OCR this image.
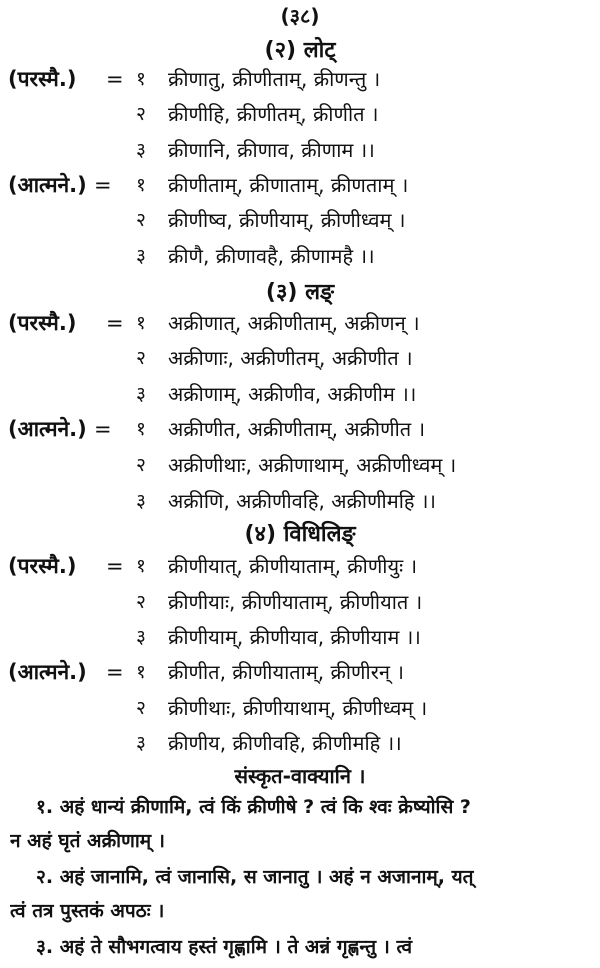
(३८)
(२) लोट्
(परस्मै.) = १ क्रीणातु, क्रीणीताम्, क्रीणन्तु ।
२ क्रीणीहि, क्रीणीतम्, क्रीणीत ।
३ क्रीणानि, क्रीणाव, क्रीणाम ।।
(आत्मने.) = १ क्रीणीताम्, क्रीणाताम्, क्रीणताम् ।
२ क्रीणीष्व, क्रीणीयाम्, क्रीणीध्वम् ।
३ क्रीणै, क्रीणावहै, क्रीणामहै ।।
(३) लङ्
(परस्मै.) = १ अक्रीणात्, अक्रीणीताम्, अक्रीणन् ।
२ अक्रीणाः, अक्रीणीतम्, अक्रीणीत ।
३ अक्रीणाम्, अक्रीणीव, अक्रीणीम ।।
(आत्मने.) = १ अक्रीणीत, अक्रीणीताम्, अक्रीणीत ।
२ अक्रीणीथाः, अक्रीणाथाम्, अक्रीणीध्वम् ।
३ अक्रीणि, अक्रीणीवहि, अक्रीणीमहि ।।
(४) विधिलिङ्
(परस्मै.) = १ क्रीणीयात्, क्रीणीयाताम्, क्रीणीयुः ।
२ क्रीणीयाः, क्रीणीयाताम्, क्रीणीयात ।
३ क्रीणीयाम्, क्रीणीयाव, क्रीणीयाम ।।
(आत्मने.) = १ क्रीणीत, क्रीणीयाताम्, क्रीणीरन् ।
२ क्रीणीथाः, क्रीणीयाथाम्, क्रीणीध्वम् ।
३ क्रीणीय, क्रीणीवहि, क्रीणीमहि ।।
संस्कृत-वाक्यानि ।
१. अहं धान्यं क्रीणामि, त्वं किं क्रीणीषे ? त्वं कि श्वः क्रेष्योसि ?
न अहं घृतं अक्रीणाम् ।
२. अहं जानामि, त्वं जानासि, स जानातु । अहं न अजानाम्, यत्
त्वं तत्र पुस्तकं अपठः ।
३. अहं ते सौभगत्वाय हस्तं गृह्णामि । ते अन्नं गृह्णन्तु । त्वं
